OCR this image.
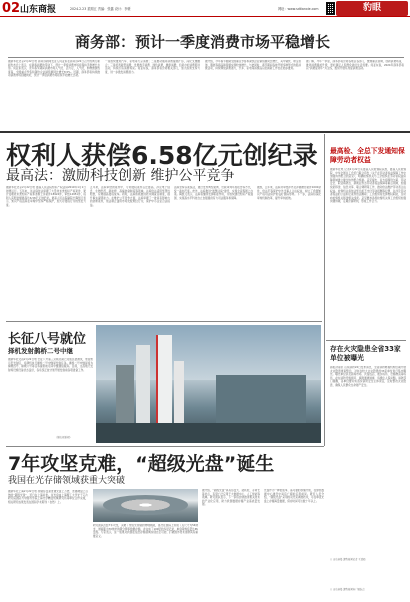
02 山东商报	2024.2.23 星期五 责编：张鑫 设计：李豪	网址：www.sdtianxie.com	豹眼
商务部：预计一季度消费市场平稳增长
据新华社北京2月22日电 商务部新闻发言人何亚东在商务部22日召开的例行新闻发布会上表示，在新春消费的带动下，预计一季度消费市场将保持平稳增长态势。何亚东表示，龙年春节期间消费市场人气旺、活力足，人气旺，购物旅游热度高，全国重点零售和餐饮企业销售额同比增长8.5%。近期，商务部将持续推动消费市场回暖向好，预计一季度消费市场延续平稳增长态势。
一是加快推进汽车、家电等大宗消费；二是推动服务消费提质扩容，深化文旅融合；三是培育新型消费，发展数字消费、绿色消费、健康消费；四是办好消费促进活动，持续打造消费场景。何亚东说，商务部将会同相关部门，加大政策支持力度，进一步激发消费潜力。
据介绍，今年春节假期全国重点零售和餐饮企业销售额同比增长，其中餐饮、珠宝首饰、服装等商品销售额实现较快增长。与此同时，春节期间各地开展多种形式的促消费活动，持续释放消费潜力，汽车、家电等消费品以旧换新工作也在稳步推进。
据了解，今年一季度，商务部将会同各地区各部门，聚焦重点领域，创新消费场景，推进消费提质升级，更好满足人民群众美好生活需要。何亚东说，2024年商务部将以“消费促进年”为主线，组织开展系列促消费活动。
权利人获偿6.58亿元创纪录
最高法：激励科技创新 维护公平竞争
据新华社北京2月22日电 最高人民法院知识产权法庭2019年1月1日挂牌运行。五年来，该法庭依法审理了大量技术类知识产权案件，累计受理技术类知识产权和垄断上诉案件18924件，审结14951件，权利人获赔金额最高达6.58亿元创纪录。最高人民法院副院长陶凯元表示，知识产权法庭在审理中坚持严格保护，加大对侵权行为的惩处力度。
五年来，法庭审结的案件中，专利侵权案件占比最高，涉及电子信息、生物医药、新能源、高端装备制造等领域。法庭依法适用惩罚性赔偿，有效提高侵权成本。同时，法庭积极推进技术调查官制度，提升事实查明能力。在维护公平竞争方面，法庭审理了一批具有影响力的垄断案件，依法制止滥用市场支配地位行为，保护中小企业合法权益。
法庭坚持以案说法，通过发布典型案例、出版审判年度报告等方式，统一裁判尺度。此外，法庭推进“智慧法庭”建设，实现全流程网上办案。陶凯元表示，法庭将继续发挥职能作用，为加快建设知识产权强国、实现高水平科技自立自强提供有力司法服务和保障。
据悉，五年来，法庭共审结涉外及涉港澳台案件1000余件，依法平等保护中外当事人合法权益，树立了我国知识产权司法保护的良好国际形象。下一步，法庭将深化审判机制改革，提升审判质效。
最高检、全总下发通知保障劳动者权益
据新华社电 记者2月22日从最高人民检察院获悉，最高人民检察院、中华全国总工会近日联合印发《关于在劳动者权益保障工作中加强协作配合的意见》，明确检察机关与工会组织在劳动者权益保障领域建立健全协作配合机制。意见提出，双方将围绕欠薪、劳动安全、职业病防治、新就业形态劳动者权益保障等重点领域，加强线索移送、信息共享、联合调研等工作，推动依法维护劳动者合法权益。检察机关将依法惩治拒不支付劳动报酬等犯罪，对涉及劳动者权益的公益诉讼案件依法履职；工会组织将发挥维权职能，及时向检察机关移送相关线索。意见要求各级检察机关和工会组织加强沟通协调，定期会商研判，形成工作合力。
长征八号就位
择机发射鹊桥二号中继
据新华社文昌2月22日电 长征八号遥三运载火箭已完成总装测试，垂直转运至发射区，将择机执行鹊桥二号中继星发射任务。鹊桥二号中继星将为嫦娥四号、嫦娥六号等任务提供地月间中继通信服务。目前，文昌航天发射场设施设备状态良好，各系统正按计划开展发射前各项准备工作。
（据央视新闻）
存在火灾隐患全省33家单位被曝光
商报济南讯 山东消防22日发布消息，全省消防救援机构近期开展火灾隐患排查整治，对存在较大火灾隐患的33家单位进行集中曝光。曝光单位涉及商场市场、宾馆饭店、娱乐场所、仓储物流等场所，存在消防设施损坏、疏散通道堵塞、违规住人等问题。消防部门提醒，各单位要切实落实消防安全主体责任，及时整改火灾隐患，确保人民群众生命财产安全。
7年攻坚克难，“超级光盘”诞生
我国在光存储领域获重大突破
据新华社上海2月22日电 存储容量是普通光盘上万倍，普通硬盘上百倍的“超级光盘”，近日在上海问世。该光盘由上海理工大学光子芯片研究院团队与中国科学院上海光学精密机械研究所等单位合作完成，相关研究成果发表在国际学术期刊《自然》上。
研究团队历经7年攻坚，突破了传统光存储的物理极限，首次在国际上实现了点尺寸为54纳米、道间距为70纳米的超分辨率数据存储，并完成了100层的多层记录，单盘等效容量达Pb量级。专家表示，这一成果对我国在信息存储领域实现自主可控、打破国外技术垄断具有重要意义。
据介绍，“超级光盘”具有容量大、能耗低、寿命长等优点，有望广泛应用于大数据中心、人工智能等领域。研究团队表示，下一步将加快推进相关技术的产业化应用，助力我国数据存储产业高质量发展。
光盘作为一种低成本、高可靠的存储介质，在绿色数据中心建设中具有广阔的应用前景。研究人员介绍，“超级光盘”采用的双光束调控技术，可在单张光盘上存储海量数据，保存时间可达数十年以上。
○ 山东商报·速豹新闻客户端综合
○ 山东商报·速豹新闻记者 王亚茹
